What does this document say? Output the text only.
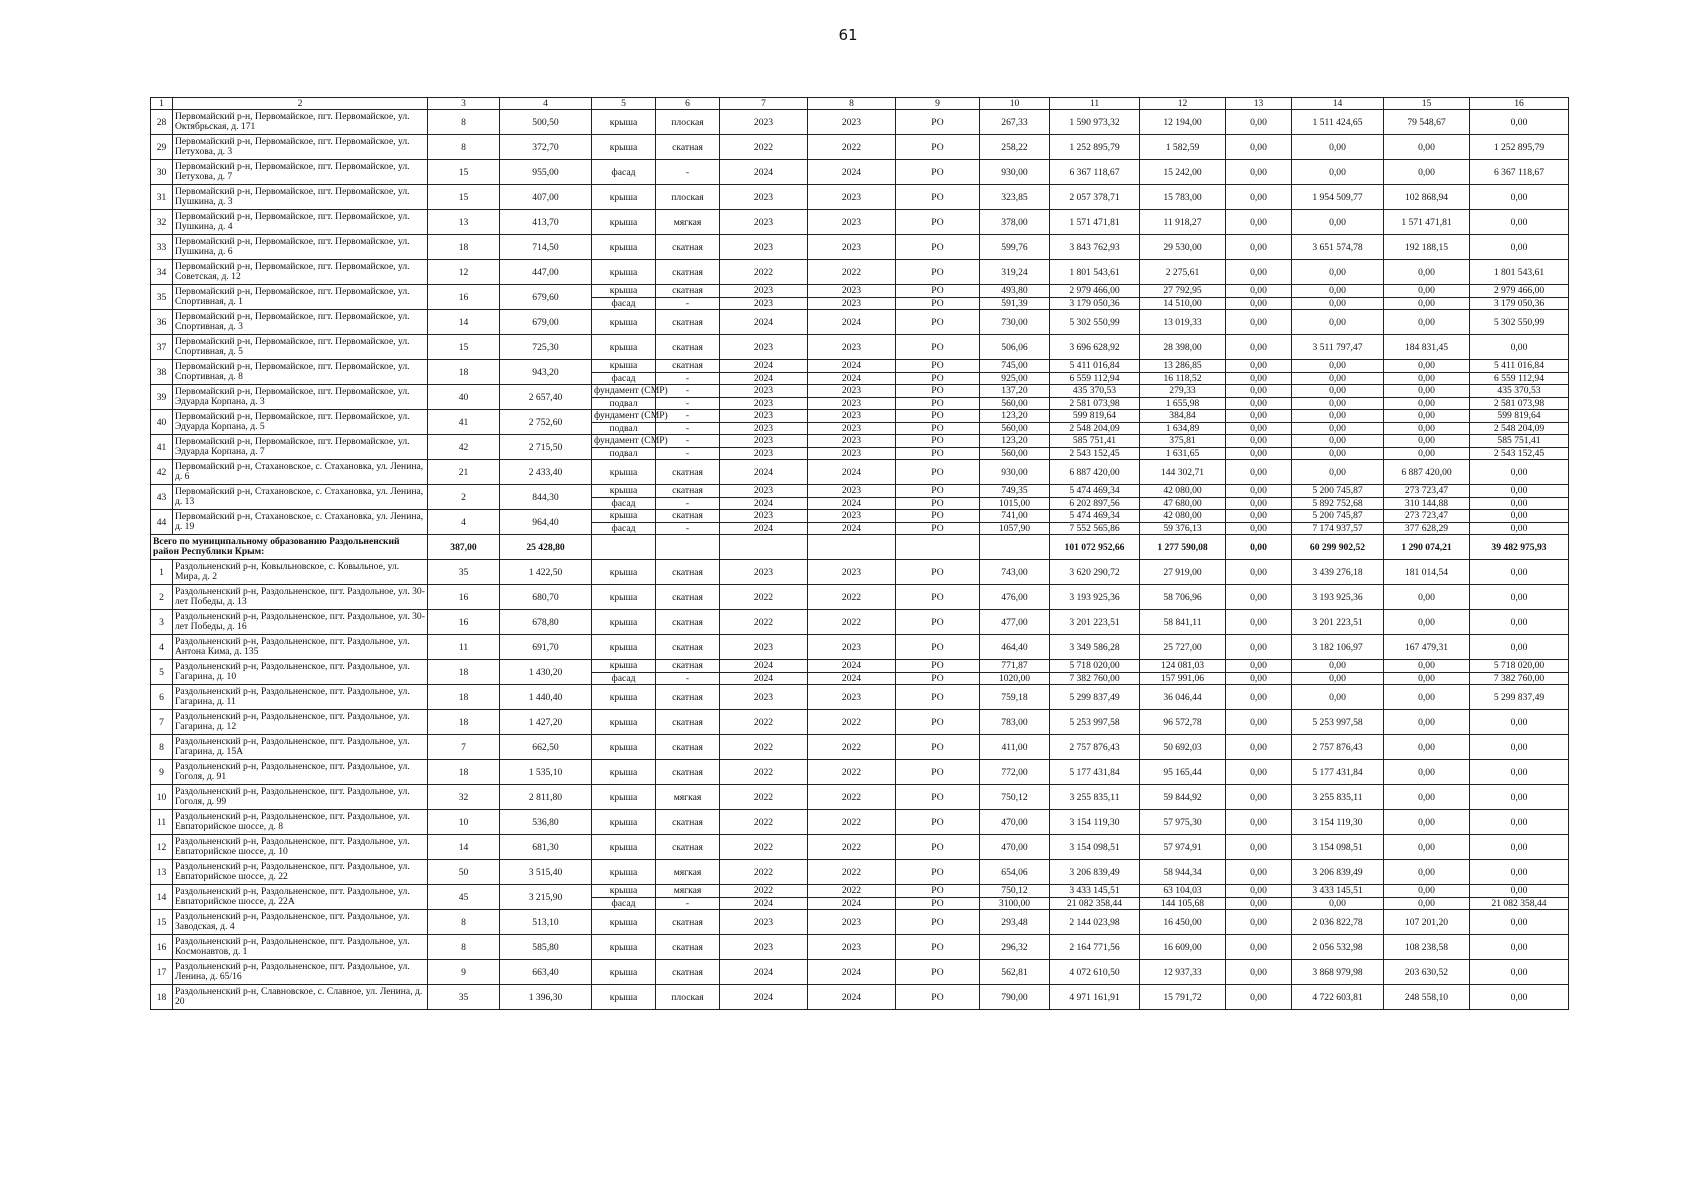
61
1	2	3	4	5	6	7	8	9	10	11	12	13	14	15	16
28	Первомайский р-н, Первомайское, пгт. Первомайское, ул. Октябрьская, д. 171	8	500,50	крыша	плоская	2023	2023	РО	267,33	1 590 973,32	12 194,00	0,00	1 511 424,65	79 548,67	0,00
29	Первомайский р-н, Первомайское, пгт. Первомайское, ул. Петухова, д. 3	8	372,70	крыша	скатная	2022	2022	РО	258,22	1 252 895,79	1 582,59	0,00	0,00	0,00	1 252 895,79
30	Первомайский р-н, Первомайское, пгт. Первомайское, ул. Петухова, д. 7	15	955,00	фасад	-	2024	2024	РО	930,00	6 367 118,67	15 242,00	0,00	0,00	0,00	6 367 118,67
31	Первомайский р-н, Первомайское, пгт. Первомайское, ул. Пушкина, д. 3	15	407,00	крыша	плоская	2023	2023	РО	323,85	2 057 378,71	15 783,00	0,00	1 954 509,77	102 868,94	0,00
32	Первомайский р-н, Первомайское, пгт. Первомайское, ул. Пушкина, д. 4	13	413,70	крыша	мягкая	2023	2023	РО	378,00	1 571 471,81	11 918,27	0,00	0,00	1 571 471,81	0,00
33	Первомайский р-н, Первомайское, пгт. Первомайское, ул. Пушкина, д. 6	18	714,50	крыша	скатная	2023	2023	РО	599,76	3 843 762,93	29 530,00	0,00	3 651 574,78	192 188,15	0,00
34	Первомайский р-н, Первомайское, пгт. Первомайское, ул. Советская, д. 12	12	447,00	крыша	скатная	2022	2022	РО	319,24	1 801 543,61	2 275,61	0,00	0,00	0,00	1 801 543,61
35	Первомайский р-н, Первомайское, пгт. Первомайское, ул. Спортивная, д. 1	16	679,60	крыша	скатная	2023	2023	РО	493,80	2 979 466,00	27 792,95	0,00	0,00	0,00	2 979 466,00
				фасад	-	2023	2023	РО	591,39	3 179 050,36	14 510,00	0,00	0,00	0,00	3 179 050,36
36	Первомайский р-н, Первомайское, пгт. Первомайское, ул. Спортивная, д. 3	14	679,00	крыша	скатная	2024	2024	РО	730,00	5 302 550,99	13 019,33	0,00	0,00	0,00	5 302 550,99
37	Первомайский р-н, Первомайское, пгт. Первомайское, ул. Спортивная, д. 5	15	725,30	крыша	скатная	2023	2023	РО	506,06	3 696 628,92	28 398,00	0,00	3 511 797,47	184 831,45	0,00
38	Первомайский р-н, Первомайское, пгт. Первомайское, ул. Спортивная, д. 8	18	943,20	крыша	скатная	2024	2024	РО	745,00	5 411 016,84	13 286,85	0,00	0,00	0,00	5 411 016,84
				фасад	-	2024	2024	РО	925,00	6 559 112,94	16 118,52	0,00	0,00	0,00	6 559 112,94
39	Первомайский р-н, Первомайское, пгт. Первомайское, ул. Эдуарда Корпана, д. 3	40	2 657,40	фундамент (СМР)	-	2023	2023	РО	137,20	435 370,53	279,33	0,00	0,00	0,00	435 370,53
				подвал	-	2023	2023	РО	560,00	2 581 073,98	1 655,98	0,00	0,00	0,00	2 581 073,98
40	Первомайский р-н, Первомайское, пгт. Первомайское, ул. Эдуарда Корпана, д. 5	41	2 752,60	фундамент (СМР)	-	2023	2023	РО	123,20	599 819,64	384,84	0,00	0,00	0,00	599 819,64
				подвал	-	2023	2023	РО	560,00	2 548 204,09	1 634,89	0,00	0,00	0,00	2 548 204,09
41	Первомайский р-н, Первомайское, пгт. Первомайское, ул. Эдуарда Корпана, д. 7	42	2 715,50	фундамент (СМР)	-	2023	2023	РО	123,20	585 751,41	375,81	0,00	0,00	0,00	585 751,41
				подвал	-	2023	2023	РО	560,00	2 543 152,45	1 631,65	0,00	0,00	0,00	2 543 152,45
42	Первомайский р-н, Стахановское, с. Стахановка, ул. Ленина, д. 6	21	2 433,40	крыша	скатная	2024	2024	РО	930,00	6 887 420,00	144 302,71	0,00	0,00	6 887 420,00	0,00
43	Первомайский р-н, Стахановское, с. Стахановка, ул. Ленина, д. 13	2	844,30	крыша	скатная	2023	2023	РО	749,35	5 474 469,34	42 080,00	0,00	5 200 745,87	273 723,47	0,00
				фасад	-	2024	2024	РО	1015,00	6 202 897,56	47 680,00	0,00	5 892 752,68	310 144,88	0,00
44	Первомайский р-н, Стахановское, с. Стахановка, ул. Ленина, д. 19	4	964,40	крыша	скатная	2023	2023	РО	741,00	5 474 469,34	42 080,00	0,00	5 200 745,87	273 723,47	0,00
				фасад	-	2024	2024	РО	1057,90	7 552 565,86	59 376,13	0,00	7 174 937,57	377 628,29	0,00
Всего по муниципальному образованию Раздольненский район Республики Крым:		387,00	25 428,80							101 072 952,66	1 277 590,08	0,00	60 299 902,52	1 290 074,21	39 482 975,93
1	Раздольненский р-н, Ковыльновское, с. Ковыльное, ул. Мира, д. 2	35	1 422,50	крыша	скатная	2023	2023	РО	743,00	3 620 290,72	27 919,00	0,00	3 439 276,18	181 014,54	0,00
2	Раздольненский р-н, Раздольненское, пгт. Раздольное, ул. 30-лет Победы, д. 13	16	680,70	крыша	скатная	2022	2022	РО	476,00	3 193 925,36	58 706,96	0,00	3 193 925,36	0,00	0,00
3	Раздольненский р-н, Раздольненское, пгт. Раздольное, ул. 30-лет Победы, д. 16	16	678,80	крыша	скатная	2022	2022	РО	477,00	3 201 223,51	58 841,11	0,00	3 201 223,51	0,00	0,00
4	Раздольненский р-н, Раздольненское, пгт. Раздольное, ул. Антона Кима, д. 135	11	691,70	крыша	скатная	2023	2023	РО	464,40	3 349 586,28	25 727,00	0,00	3 182 106,97	167 479,31	0,00
5	Раздольненский р-н, Раздольненское, пгт. Раздольное, ул. Гагарина, д. 10	18	1 430,20	крыша	скатная	2024	2024	РО	771,87	5 718 020,00	124 081,03	0,00	0,00	0,00	5 718 020,00
				фасад	-	2024	2024	РО	1020,00	7 382 760,00	157 991,06	0,00	0,00	0,00	7 382 760,00
6	Раздольненский р-н, Раздольненское, пгт. Раздольное, ул. Гагарина, д. 11	18	1 440,40	крыша	скатная	2023	2023	РО	759,18	5 299 837,49	36 046,44	0,00	0,00	0,00	5 299 837,49
7	Раздольненский р-н, Раздольненское, пгт. Раздольное, ул. Гагарина, д. 12	18	1 427,20	крыша	скатная	2022	2022	РО	783,00	5 253 997,58	96 572,78	0,00	5 253 997,58	0,00	0,00
8	Раздольненский р-н, Раздольненское, пгт. Раздольное, ул. Гагарина, д. 15А	7	662,50	крыша	скатная	2022	2022	РО	411,00	2 757 876,43	50 692,03	0,00	2 757 876,43	0,00	0,00
9	Раздольненский р-н, Раздольненское, пгт. Раздольное, ул. Гоголя, д. 91	18	1 535,10	крыша	скатная	2022	2022	РО	772,00	5 177 431,84	95 165,44	0,00	5 177 431,84	0,00	0,00
10	Раздольненский р-н, Раздольненское, пгт. Раздольное, ул. Гоголя, д. 99	32	2 811,80	крыша	мягкая	2022	2022	РО	750,12	3 255 835,11	59 844,92	0,00	3 255 835,11	0,00	0,00
11	Раздольненский р-н, Раздольненское, пгт. Раздольное, ул. Евпаторийское шоссе, д. 8	10	536,80	крыша	скатная	2022	2022	РО	470,00	3 154 119,30	57 975,30	0,00	3 154 119,30	0,00	0,00
12	Раздольненский р-н, Раздольненское, пгт. Раздольное, ул. Евпаторийское шоссе, д. 10	14	681,30	крыша	скатная	2022	2022	РО	470,00	3 154 098,51	57 974,91	0,00	3 154 098,51	0,00	0,00
13	Раздольненский р-н, Раздольненское, пгт. Раздольное, ул. Евпаторийское шоссе, д. 22	50	3 515,40	крыша	мягкая	2022	2022	РО	654,06	3 206 839,49	58 944,34	0,00	3 206 839,49	0,00	0,00
14	Раздольненский р-н, Раздольненское, пгт. Раздольное, ул. Евпаторийское шоссе, д. 22А	45	3 215,90	крыша	мягкая	2022	2022	РО	750,12	3 433 145,51	63 104,03	0,00	3 433 145,51	0,00	0,00
				фасад	-	2024	2024	РО	3100,00	21 082 358,44	144 105,68	0,00	0,00	0,00	21 082 358,44
15	Раздольненский р-н, Раздольненское, пгт. Раздольное, ул. Заводская, д. 4	8	513,10	крыша	скатная	2023	2023	РО	293,48	2 144 023,98	16 450,00	0,00	2 036 822,78	107 201,20	0,00
16	Раздольненский р-н, Раздольненское, пгт. Раздольное, ул. Космонавтов, д. 1	8	585,80	крыша	скатная	2023	2023	РО	296,32	2 164 771,56	16 609,00	0,00	2 056 532,98	108 238,58	0,00
17	Раздольненский р-н, Раздольненское, пгт. Раздольное, ул. Ленина, д. 65/16	9	663,40	крыша	скатная	2024	2024	РО	562,81	4 072 610,50	12 937,33	0,00	3 868 979,98	203 630,52	0,00
18	Раздольненский р-н, Славновское, с. Славное, ул. Ленина, д. 20	35	1 396,30	крыша	плоская	2024	2024	РО	790,00	4 971 161,91	15 791,72	0,00	4 722 603,81	248 558,10	0,00
